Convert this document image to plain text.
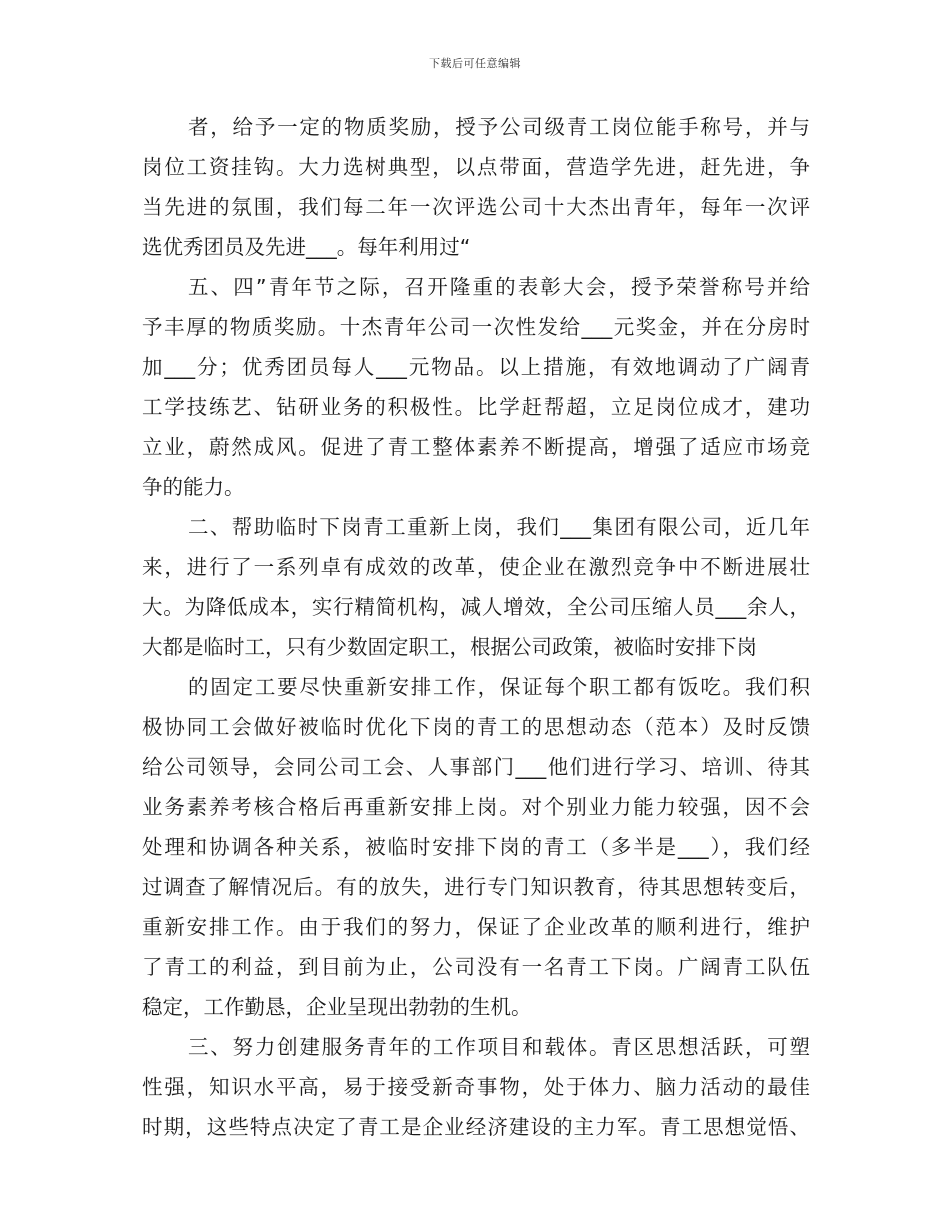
下载后可任意编辑
者，给予一定的物质奖励，授予公司级青工岗位能手称号，并与
岗位工资挂钩。大力选树典型，以点带面，营造学先进，赶先进，争
当先进的氛围，我们每二年一次评选公司十大杰出青年，每年一次评
选优秀团员及先进___。每年利用过“
五、四”青年节之际，召开隆重的表彰大会，授予荣誉称号并给
予丰厚的物质奖励。十杰青年公司一次性发给___元奖金，并在分房时
加___分；优秀团员每人___元物品。以上措施，有效地调动了广阔青
工学技练艺、钻研业务的积极性。比学赶帮超，立足岗位成才，建功
立业，蔚然成风。促进了青工整体素养不断提高，增强了适应市场竞
争的能力。
二、帮助临时下岗青工重新上岗，我们___集团有限公司，近几年
来，进行了一系列卓有成效的改革，使企业在激烈竞争中不断进展壮
大。为降低成本，实行精简机构，减人增效，全公司压缩人员___余人，
大都是临时工，只有少数固定职工，根据公司政策，被临时安排下岗
的固定工要尽快重新安排工作，保证每个职工都有饭吃。我们积
极协同工会做好被临时优化下岗的青工的思想动态（范本）及时反馈
给公司领导，会同公司工会、人事部门___他们进行学习、培训、待其
业务素养考核合格后再重新安排上岗。对个别业力能力较强，因不会
处理和协调各种关系，被临时安排下岗的青工（多半是___），我们经
过调查了解情况后。有的放失，进行专门知识教育，待其思想转变后，
重新安排工作。由于我们的努力，保证了企业改革的顺利进行，维护
了青工的利益，到目前为止，公司没有一名青工下岗。广阔青工队伍
稳定，工作勤恳，企业呈现出勃勃的生机。
三、努力创建服务青年的工作项目和载体。青区思想活跃，可塑
性强，知识水平高，易于接受新奇事物，处于体力、脑力活动的最佳
时期，这些特点决定了青工是企业经济建设的主力军。青工思想觉悟、
